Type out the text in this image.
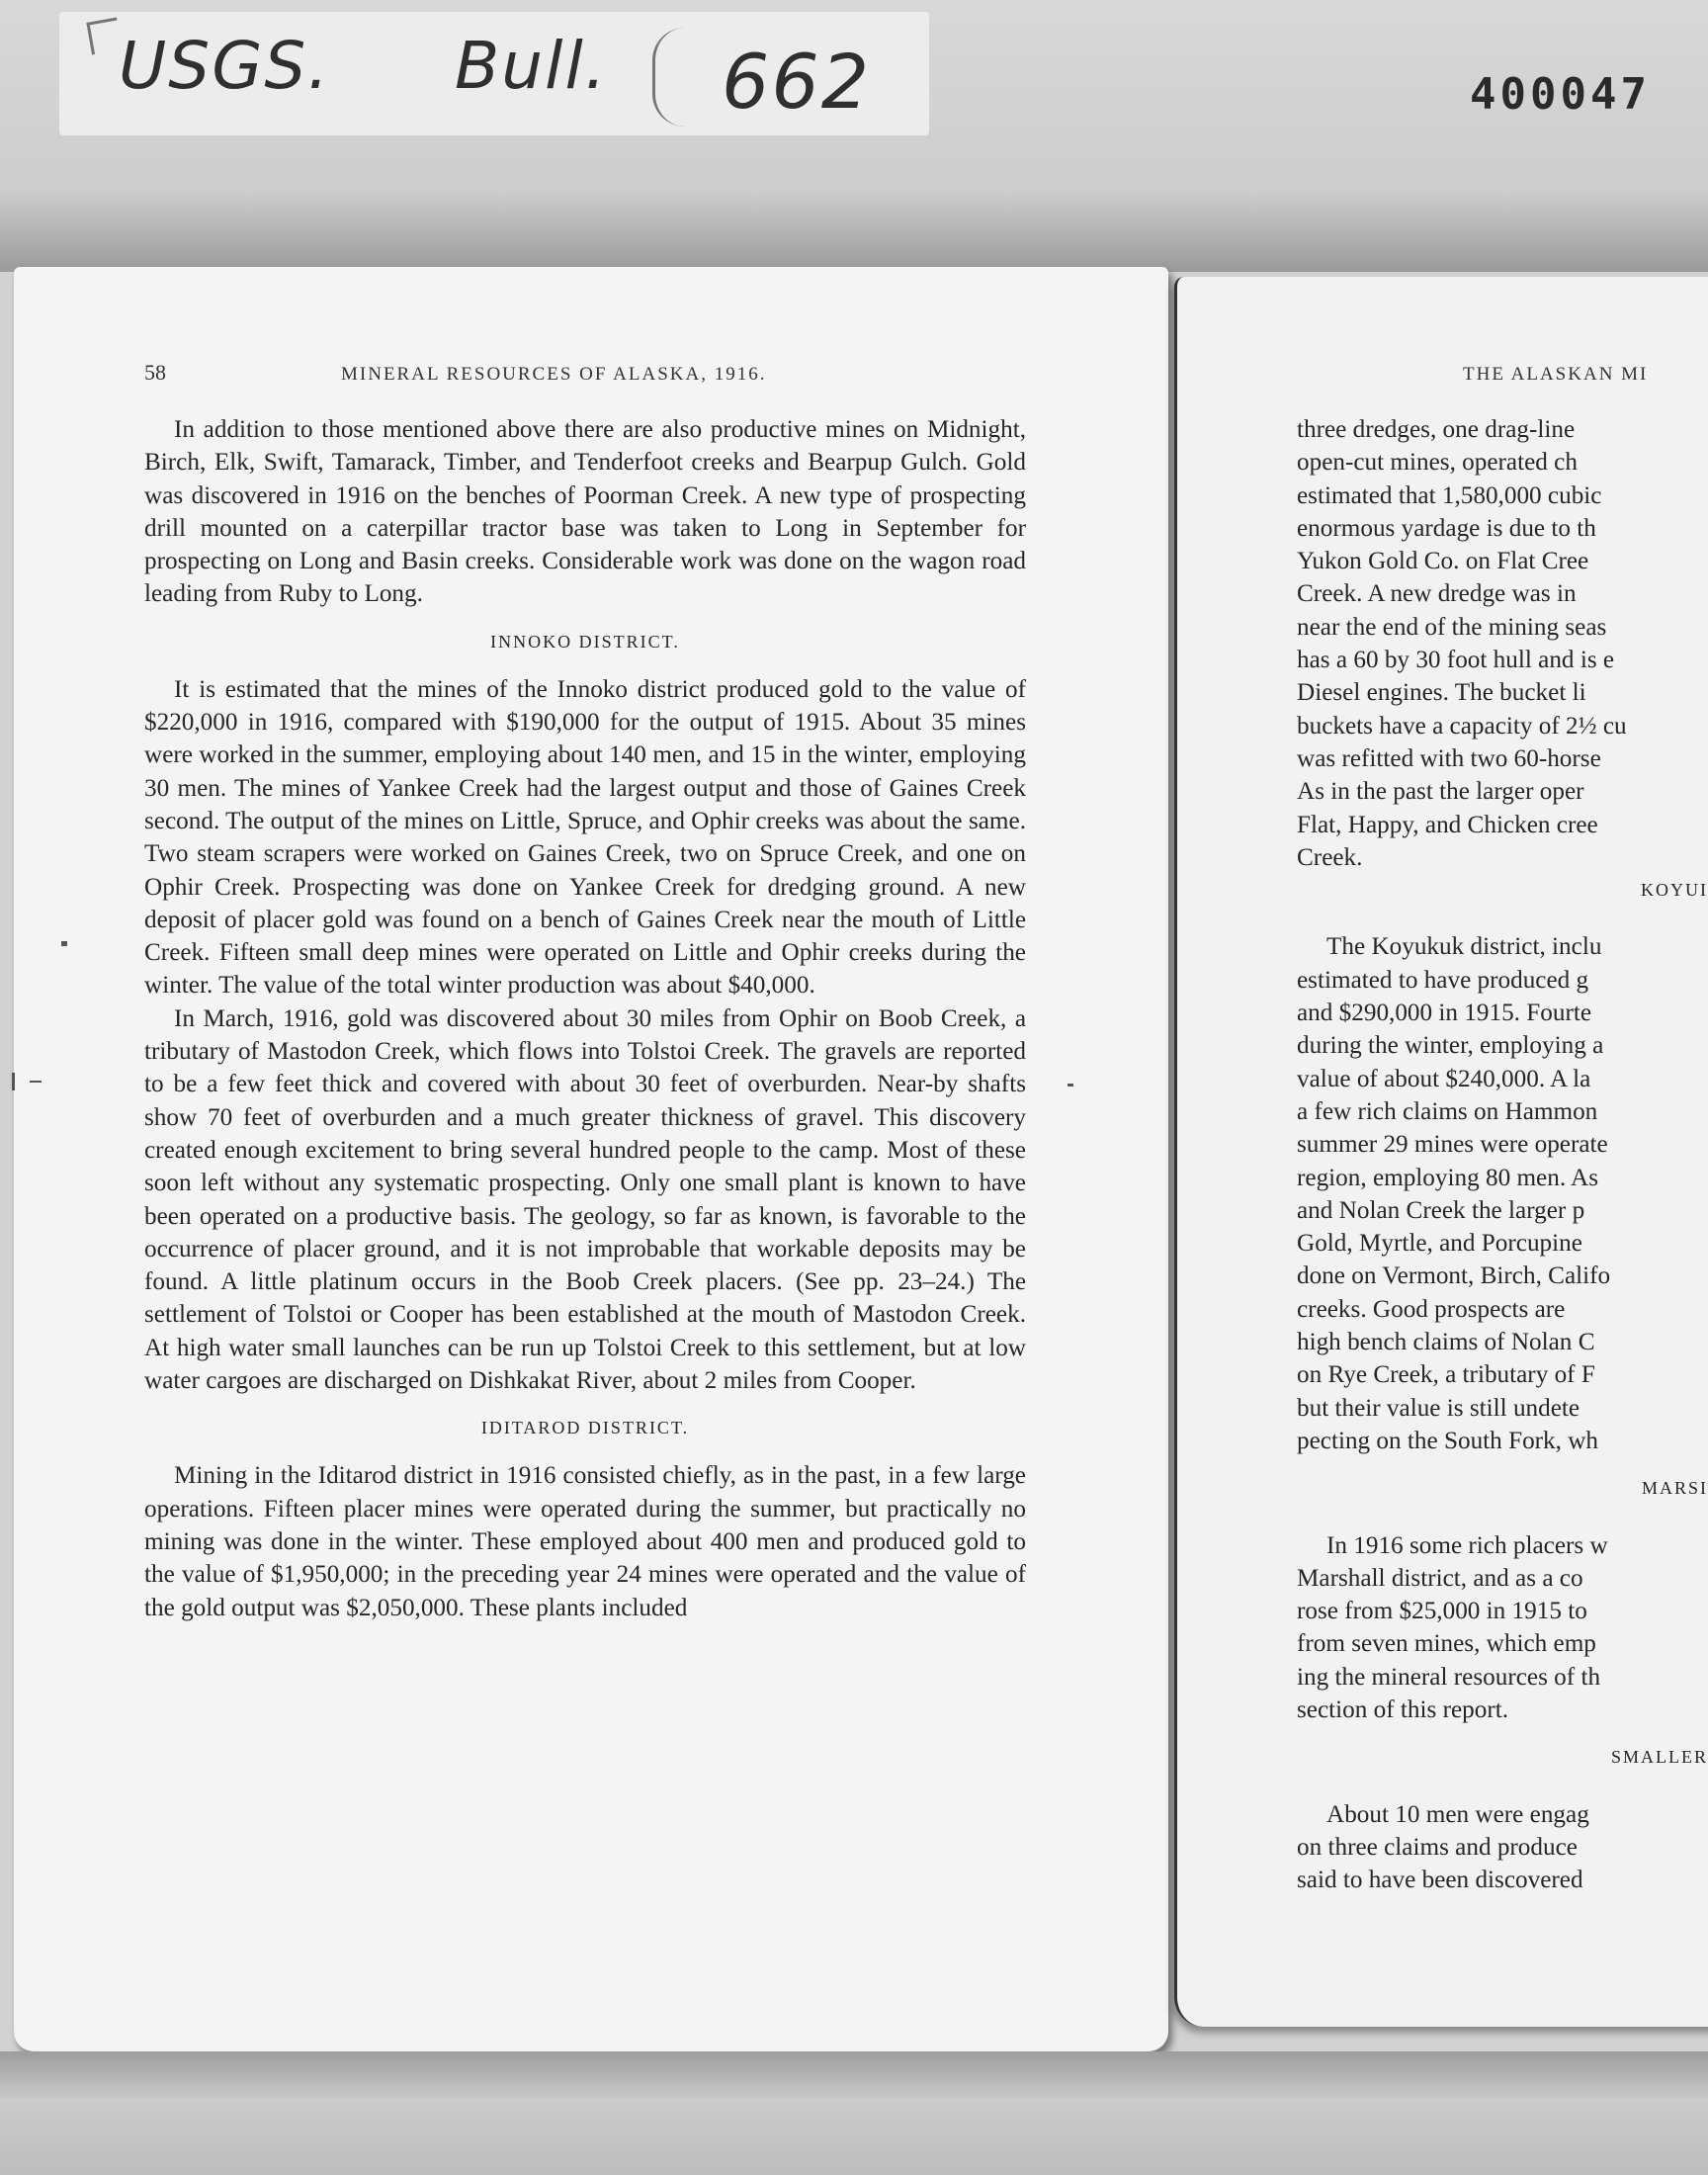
USGS. Bull. 662	400047
58	MINERAL RESOURCES OF ALASKA, 1916.	THE ALASKAN MI

In addition to those mentioned above there are also productive mines on Midnight, Birch, Elk, Swift, Tamarack, Timber, and Tenderfoot creeks and Bearpup Gulch. Gold was discovered in 1916 on the benches of Poorman Creek. A new type of prospecting drill mounted on a caterpillar tractor base was taken to Long in September for prospecting on Long and Basin creeks. Considerable work was done on the wagon road leading from Ruby to Long.

INNOKO DISTRICT.

It is estimated that the mines of the Innoko district produced gold to the value of $220,000 in 1916, compared with $190,000 for the output of 1915. About 35 mines were worked in the summer, employing about 140 men, and 15 in the winter, employing 30 men. The mines of Yankee Creek had the largest output and those of Gaines Creek second. The output of the mines on Little, Spruce, and Ophir creeks was about the same. Two steam scrapers were worked on Gaines Creek, two on Spruce Creek, and one on Ophir Creek. Prospecting was done on Yankee Creek for dredging ground. A new deposit of placer gold was found on a bench of Gaines Creek near the mouth of Little Creek. Fifteen small deep mines were operated on Little and Ophir creeks during the winter. The value of the total winter production was about $40,000.

In March, 1916, gold was discovered about 30 miles from Ophir on Boob Creek, a tributary of Mastodon Creek, which flows into Tolstoi Creek. The gravels are reported to be a few feet thick and covered with about 30 feet of overburden. Near-by shafts show 70 feet of overburden and a much greater thickness of gravel. This discovery created enough excitement to bring several hundred people to the camp. Most of these soon left without any systematic prospecting. Only one small plant is known to have been operated on a productive basis. The geology, so far as known, is favorable to the occurrence of placer ground, and it is not improbable that workable deposits may be found. A little platinum occurs in the Boob Creek placers. (See pp. 23–24.) The settlement of Tolstoi or Cooper has been established at the mouth of Mastodon Creek. At high water small launches can be run up Tolstoi Creek to this settlement, but at low water cargoes are discharged on Dishkakat River, about 2 miles from Cooper.

IDITAROD DISTRICT.

Mining in the Iditarod district in 1916 consisted chiefly, as in the past, in a few large operations. Fifteen placer mines were operated during the summer, but practically no mining was done in the winter. These employed about 400 men and produced gold to the value of $1,950,000; in the preceding year 24 mines were operated and the value of the gold output was $2,050,000. These plants included

three dredges, one drag-line
open-cut mines, operated ch
estimated that 1,580,000 cubic
enormous yardage is due to th
Yukon Gold Co. on Flat Cree
Creek. A new dredge was in
near the end of the mining seas
has a 60 by 30 foot hull and is e
Diesel engines. The bucket li
buckets have a capacity of 2½ cu
was refitted with two 60-horse
As in the past the larger oper
Flat, Happy, and Chicken cree
Creek.
KOYUI
The Koyukuk district, inclu
estimated to have produced g
and $290,000 in 1915. Fourte
during the winter, employing a
value of about $240,000. A la
a few rich claims on Hammon
summer 29 mines were operate
region, employing 80 men. As
and Nolan Creek the larger p
Gold, Myrtle, and Porcupine
done on Vermont, Birch, Califo
creeks. Good prospects are
high bench claims of Nolan C
on Rye Creek, a tributary of F
but their value is still undete
pecting on the South Fork, wh
MARSI
In 1916 some rich placers w
Marshall district, and as a co
rose from $25,000 in 1915 to
from seven mines, which emp
ing the mineral resources of th
section of this report.
SMALLER
About 10 men were engag
on three claims and produce
said to have been discovered
